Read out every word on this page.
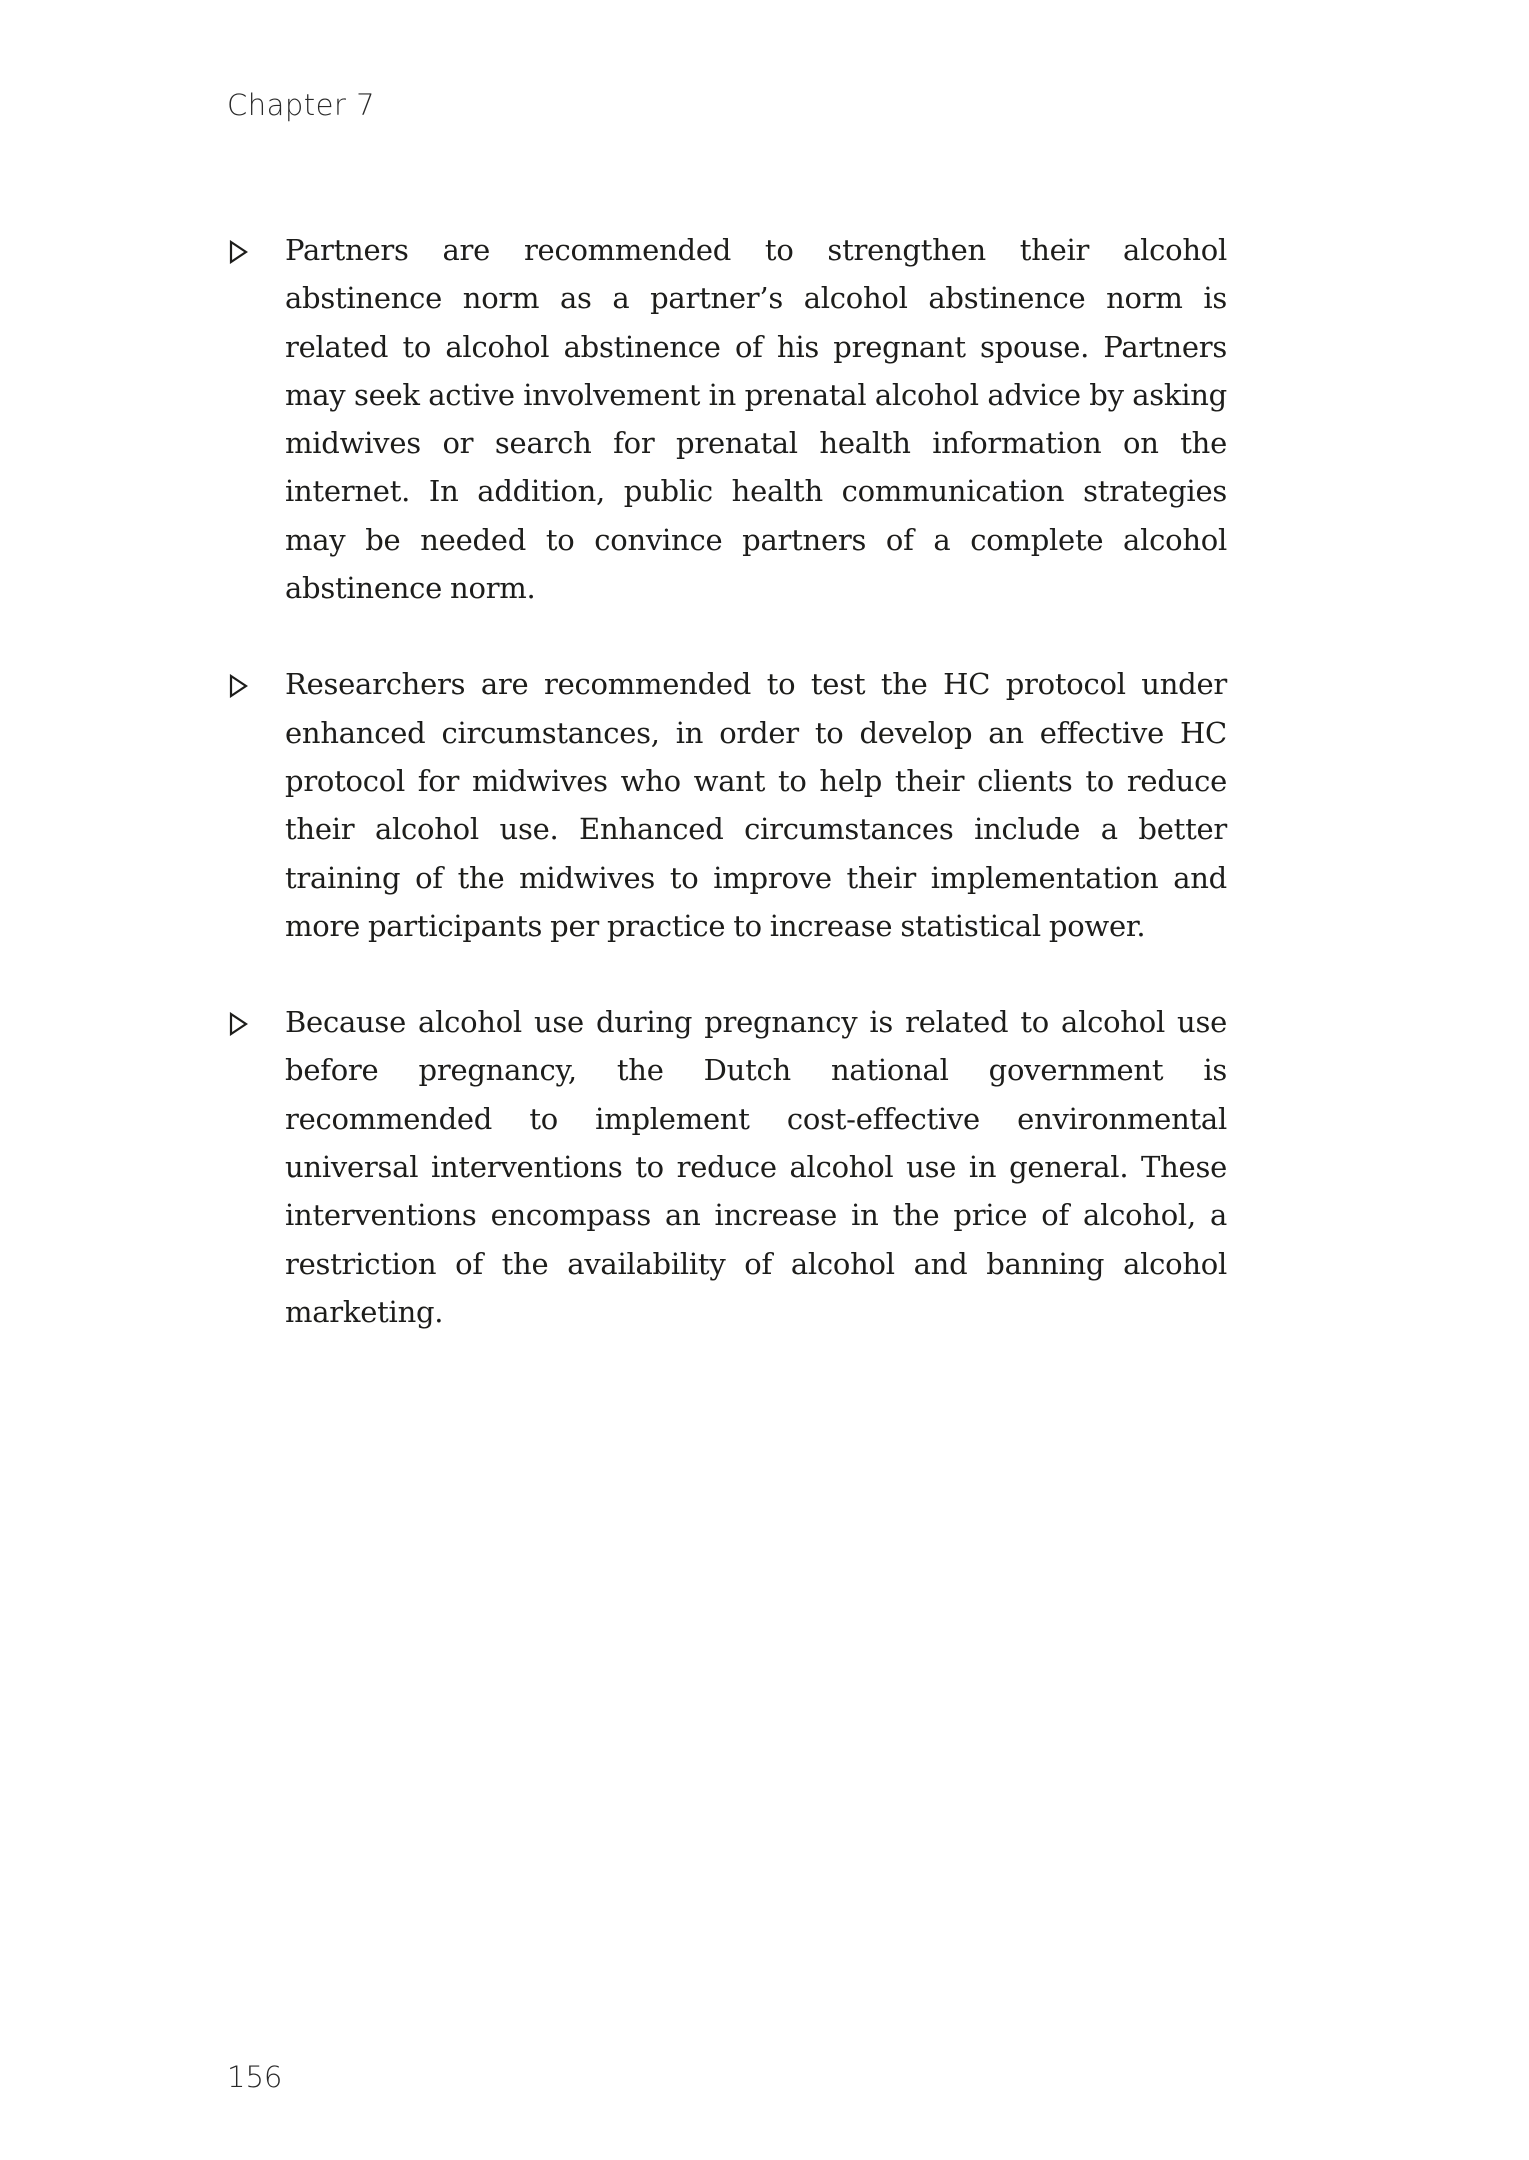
Chapter 7

Partners are recommended to strengthen their alcohol abstinence norm as a partner’s alcohol abstinence norm is related to alcohol abstinence of his pregnant spouse. Partners may seek active involvement in prenatal alcohol advice by asking midwives or search for prenatal health information on the internet. In addition, public health communication strategies may be needed to convince partners of a complete alcohol abstinence norm.

Researchers are recommended to test the HC protocol under enhanced circumstances, in order to develop an effective HC protocol for midwives who want to help their clients to reduce their alcohol use. Enhanced circumstances include a better training of the midwives to improve their implementation and more participants per practice to increase statistical power.

Because alcohol use during pregnancy is related to alcohol use before pregnancy, the Dutch national government is recommended to implement cost-effective environmental universal interventions to reduce alcohol use in general. These interventions encompass an increase in the price of alcohol, a restriction of the availability of alcohol and banning alcohol marketing.

156
